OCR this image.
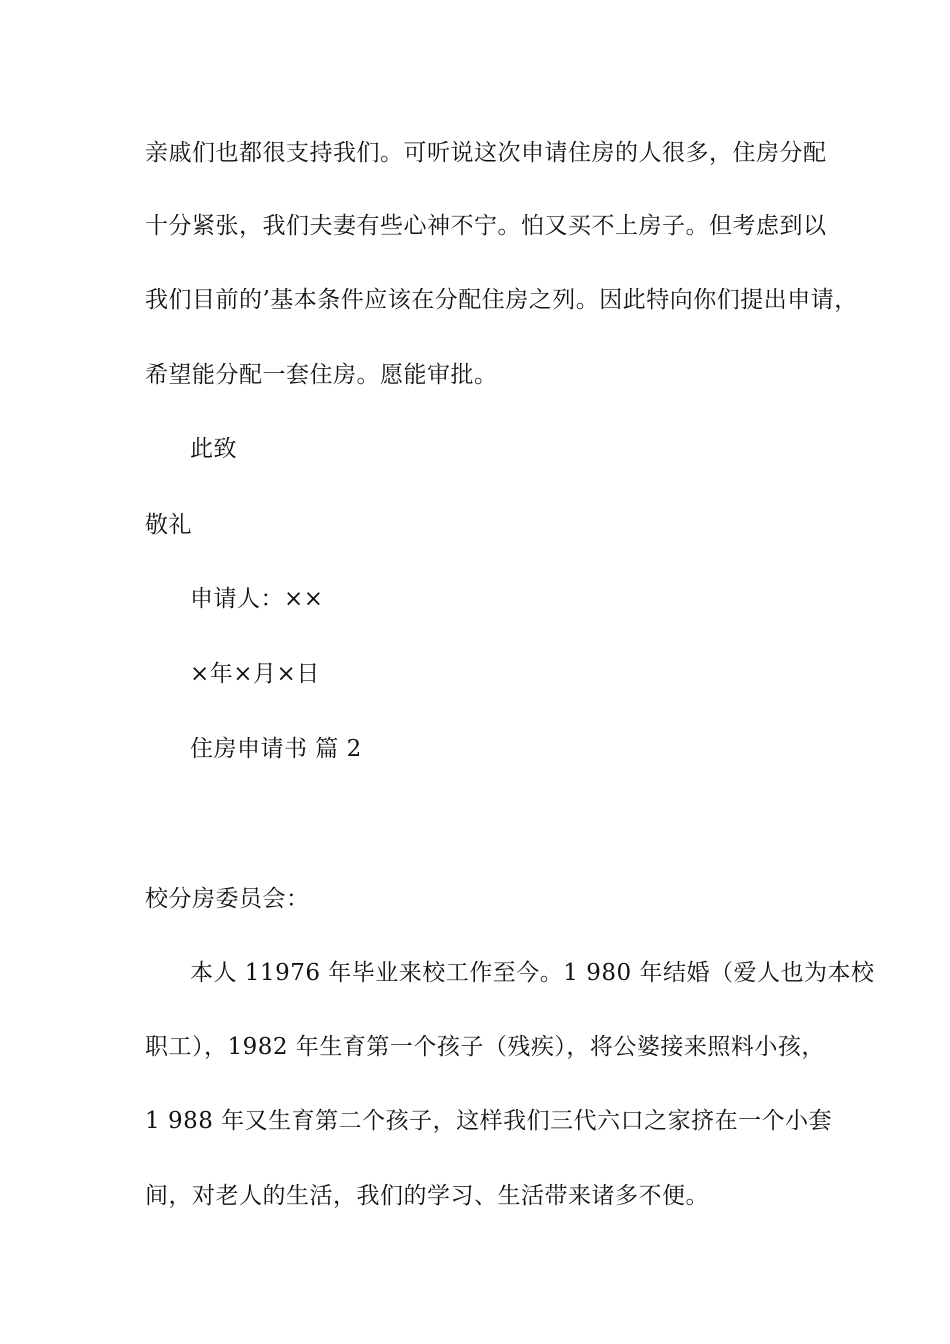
亲戚们也都很支持我们。可听说这次申请住房的人很多，住房分配
十分紧张，我们夫妻有些心神不宁。怕又买不上房子。但考虑到以
我们目前的’基本条件应该在分配住房之列。因此特向你们提出申请，
希望能分配一套住房。愿能审批。
此致
敬礼
申请人：××
×年×月×日
住房申请书 篇 2
校分房委员会：
本人 11976 年毕业来校工作至今。1 980 年结婚（爱人也为本校
职工），1982 年生育第一个孩子（残疾），将公婆接来照料小孩，
1 988 年又生育第二个孩子，这样我们三代六口之家挤在一个小套
间，对老人的生活，我们的学习、生活带来诸多不便。
